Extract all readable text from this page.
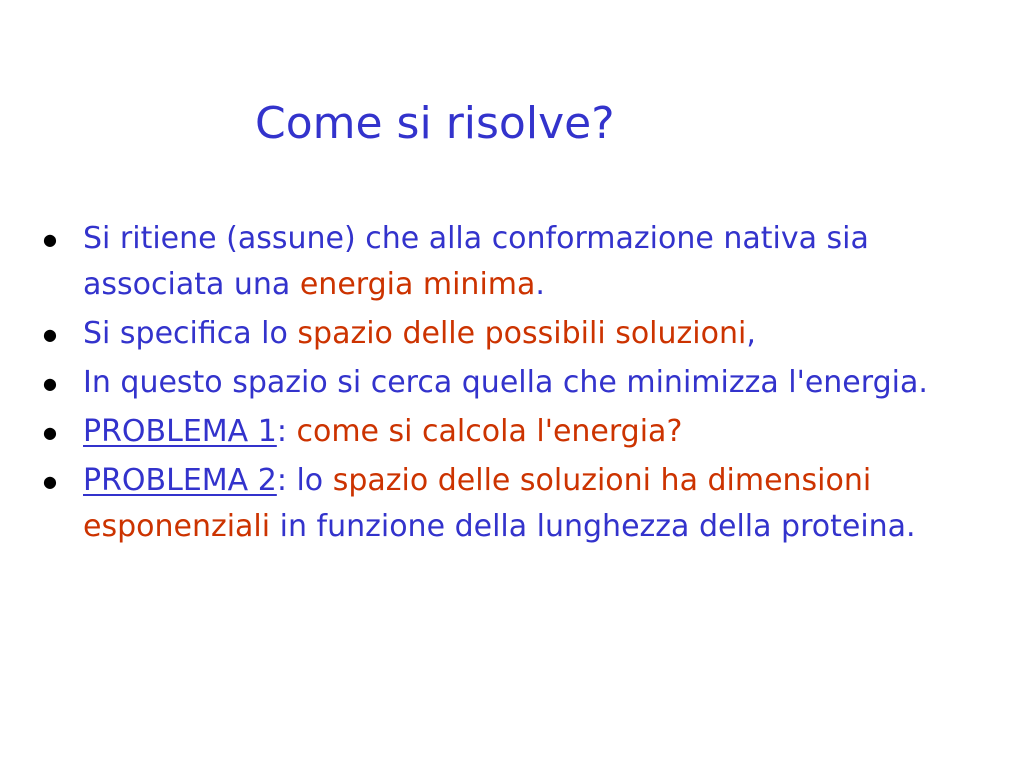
Come si risolve?
● Si ritiene (assune) che alla conformazione nativa sia associata una energia minima.
● Si specifica lo spazio delle possibili soluzioni,
● In questo spazio si cerca quella che minimizza l'energia.
● PROBLEMA 1: come si calcola l'energia?
● PROBLEMA 2: lo spazio delle soluzioni ha dimensioni esponenziali in funzione della lunghezza della proteina.
